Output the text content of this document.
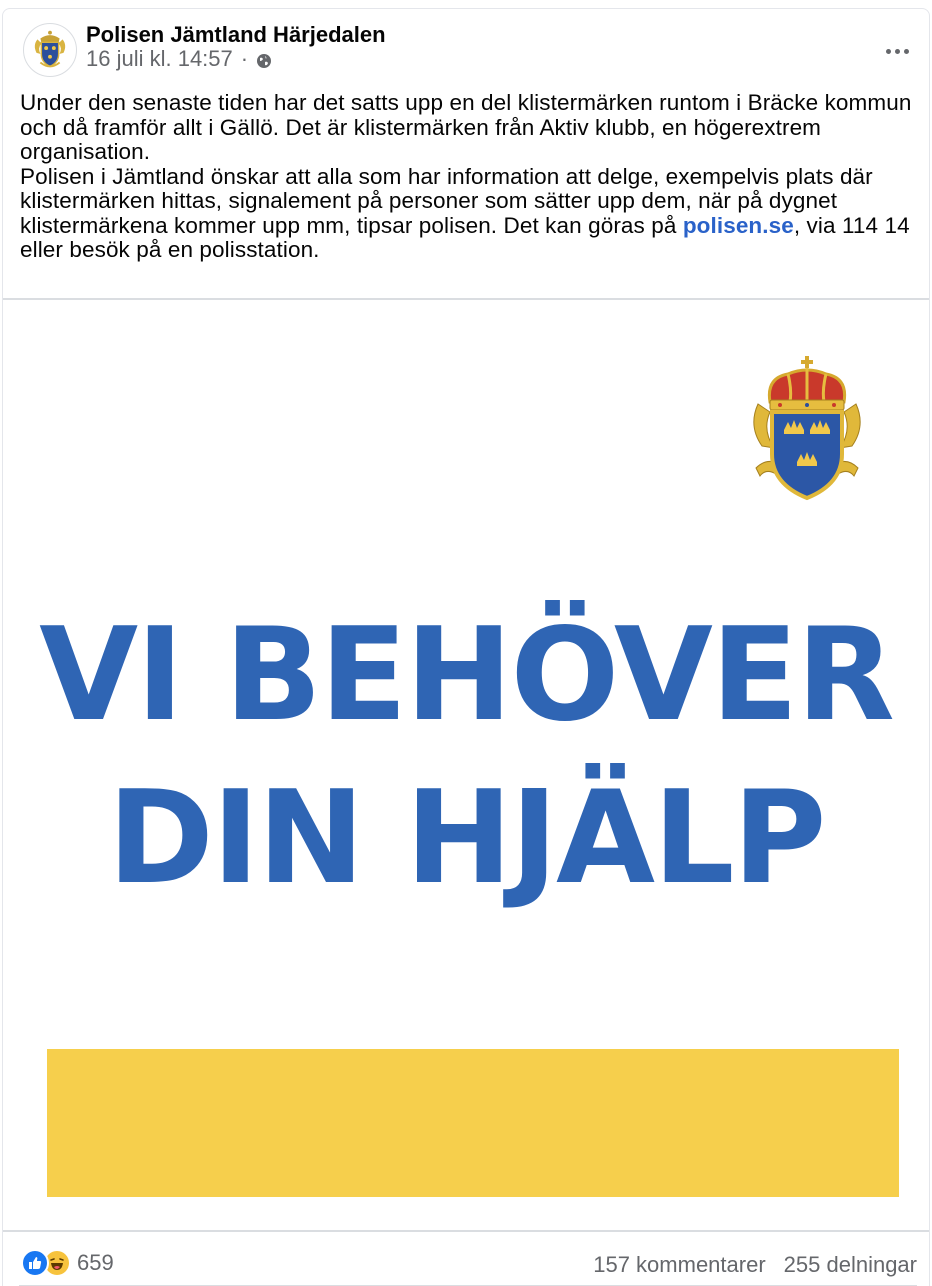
Polisen Jämtland Härjedalen
16 juli kl. 14:57 ·

Under den senaste tiden har det satts upp en del klistermärken runtom i Bräcke kommun och då framför allt i Gällö. Det är klistermärken från Aktiv klubb, en högerextrem organisation.

Polisen i Jämtland önskar att alla som har information att delge, exempelvis plats där klistermärken hittas, signalement på personer som sätter upp dem, när på dygnet klistermärkena kommer upp mm, tipsar polisen. Det kan göras på polisen.se, via 114 14 eller besök på en polisstation.

VI BEHÖVER
DIN HJÄLP
659	157 kommentarer 255 delningar
